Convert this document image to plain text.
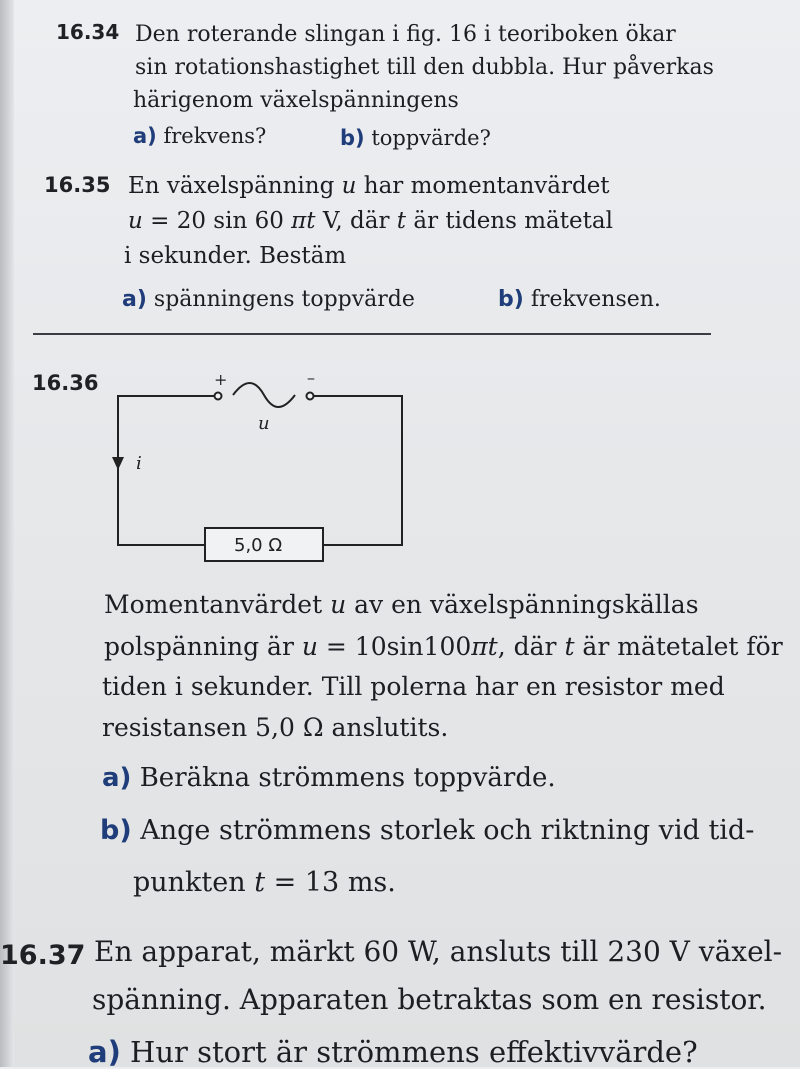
16.34 Den roterande slingan i fig. 16 i teoriboken ökar
sin rotationshastighet till den dubbla. Hur påverkas
härigenom växelspänningens
a) frekvens?	b) toppvärde?
16.35 En växelspänning u har momentanvärdet
u = 20 sin 60 πt V, där t är tidens mätetal
i sekunder. Bestäm
a) spänningens toppvärde	b) frekvensen.
16.36	+	–
u
i
5,0 Ω
Momentanvärdet u av en växelspänningskällas
polspänning är u = 10sin100πt, där t är mätetalet för
tiden i sekunder. Till polerna har en resistor med
resistansen 5,0 Ω anslutits.
a) Beräkna strömmens toppvärde.
b) Ange strömmens storlek och riktning vid tid-
punkten t = 13 ms.
16.37 En apparat, märkt 60 W, ansluts till 230 V växel-
spänning. Apparaten betraktas som en resistor.
a) Hur stort är strömmens effektivvärde?
